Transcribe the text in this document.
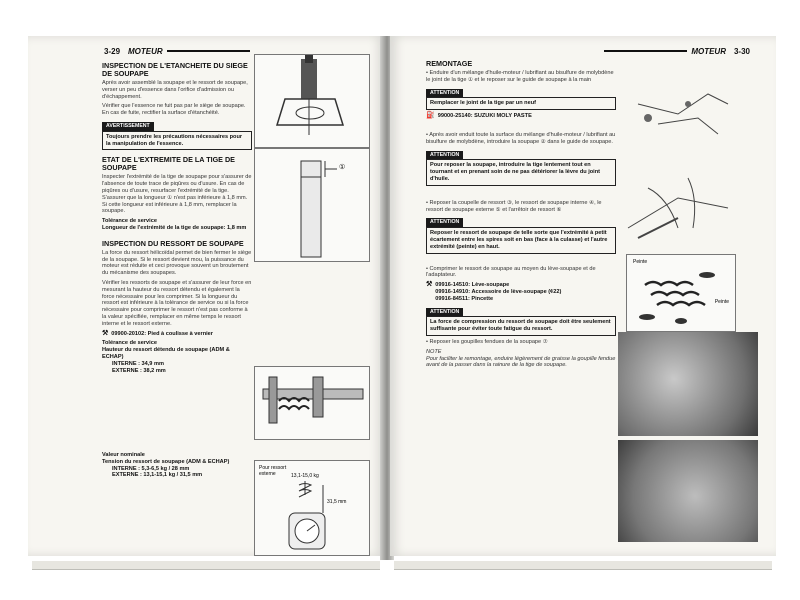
3-29	MOTEUR
INSPECTION DE L'ETANCHEITE DU SIEGE DE SOUPAPE
Après avoir assemblé la soupape et le ressort de soupape, verser un peu d'essence dans l'orifice d'admission ou d'échappement.
Vérifier que l'essence ne fuit pas par le siège de soupape. En cas de fuite, rectifier la surface d'étanchéité.
AVERTISSEMENT
Toujours prendre les précautions nécessaires pour la manipulation de l'essence.
ETAT DE L'EXTREMITE DE LA TIGE DE SOUPAPE
Inspecter l'extrémité de la tige de soupape pour s'assurer de l'absence de toute trace de piqûres ou d'usure. En cas de piqûres ou d'usure, resurfacer l'extrémité de la tige. S'assurer que la longueur ① n'est pas inférieure à 1,8 mm. Si cette longueur est inférieure à 1,8 mm, remplacer la soupape.
Tolérance de service
Longueur de l'extrémité de la tige de soupape: 1,8 mm
INSPECTION DU RESSORT DE SOUPAPE
La force du ressort hélicoïdal permet de bien fermer le siège de la soupape. Si le ressort devient mou, la puissance du moteur est réduite et ceci provoque souvent un broutement du mécanisme des soupapes.
Vérifier les ressorts de soupape et s'assurer de leur force en mesurant la hauteur du ressort détendu et également la force nécessaire pour les comprimer. Si la longueur du ressort est inférieure à la tolérance de service ou si la force nécessaire pour comprimer le ressort n'est pas conforme à la valeur spécifiée, remplacer en même temps le ressort interne et le ressort externe.
⚒ 09900-20102: Pied à coulisse à vernier
Tolérance de service
Hauteur du ressort détendu de soupape (ADM & ECHAP)
INTERNE : 34,9 mm
EXTERNE : 38,2 mm
Valeur nominale
Tension du ressort de soupape (ADM & ECHAP)
INTERNE : 5,3-6,5 kg / 28 mm
EXTERNE : 13,1-15,1 kg / 31,5 mm
①
Pour ressort externe	13,1-15,0 kg
31,5 mm
MOTEUR	3-30
REMONTAGE
• Enduire d'un mélange d'huile-moteur / lubrifiant au bisulfure de molybdène le joint de la tige ① et le reposer sur le guide de soupape à la main
ATTENTION
Remplacer le joint de la tige par un neuf
⛽ 99000-25140: SUZUKI MOLY PASTE
• Après avoir enduit toute la surface du mélange d'huile-moteur / lubrifiant au bisulfure de molybdène, introduire la soupape ② dans le guide de soupape.
ATTENTION
Pour reposer la soupape, introduire la tige lentement tout en tournant et en prenant soin de ne pas détériorer la lèvre du joint d'huile.
• Reposer la coupelle de ressort ③, le ressort de soupape interne ④, le ressort de soupape externe ⑤ et l'arrêtoir de ressort ⑥
ATTENTION
Reposer le ressort de soupape de telle sorte que l'extrémité à petit écartement entre les spires soit en bas (face à la culasse) et l'autre extrémité (peinte) en haut.
• Comprimer le ressort de soupape au moyen du lève-soupape et de l'adaptateur.
⚒ 09916-14510: Lève-soupape
09916-14910: Accessoire de lève-soupape (¢22)
09916-84511: Pincette
ATTENTION
La force de compression du ressort de soupape doit être seulement suffisante pour éviter toute fatigue du ressort.
• Reposer les goupilles fendues de la soupape ⑦
NOTE
Pour faciliter le remontage, enduire légèrement de graisse la goupille fendue avant de la passer dans la rainure de la tige de soupape.
Peinte
Peinte
